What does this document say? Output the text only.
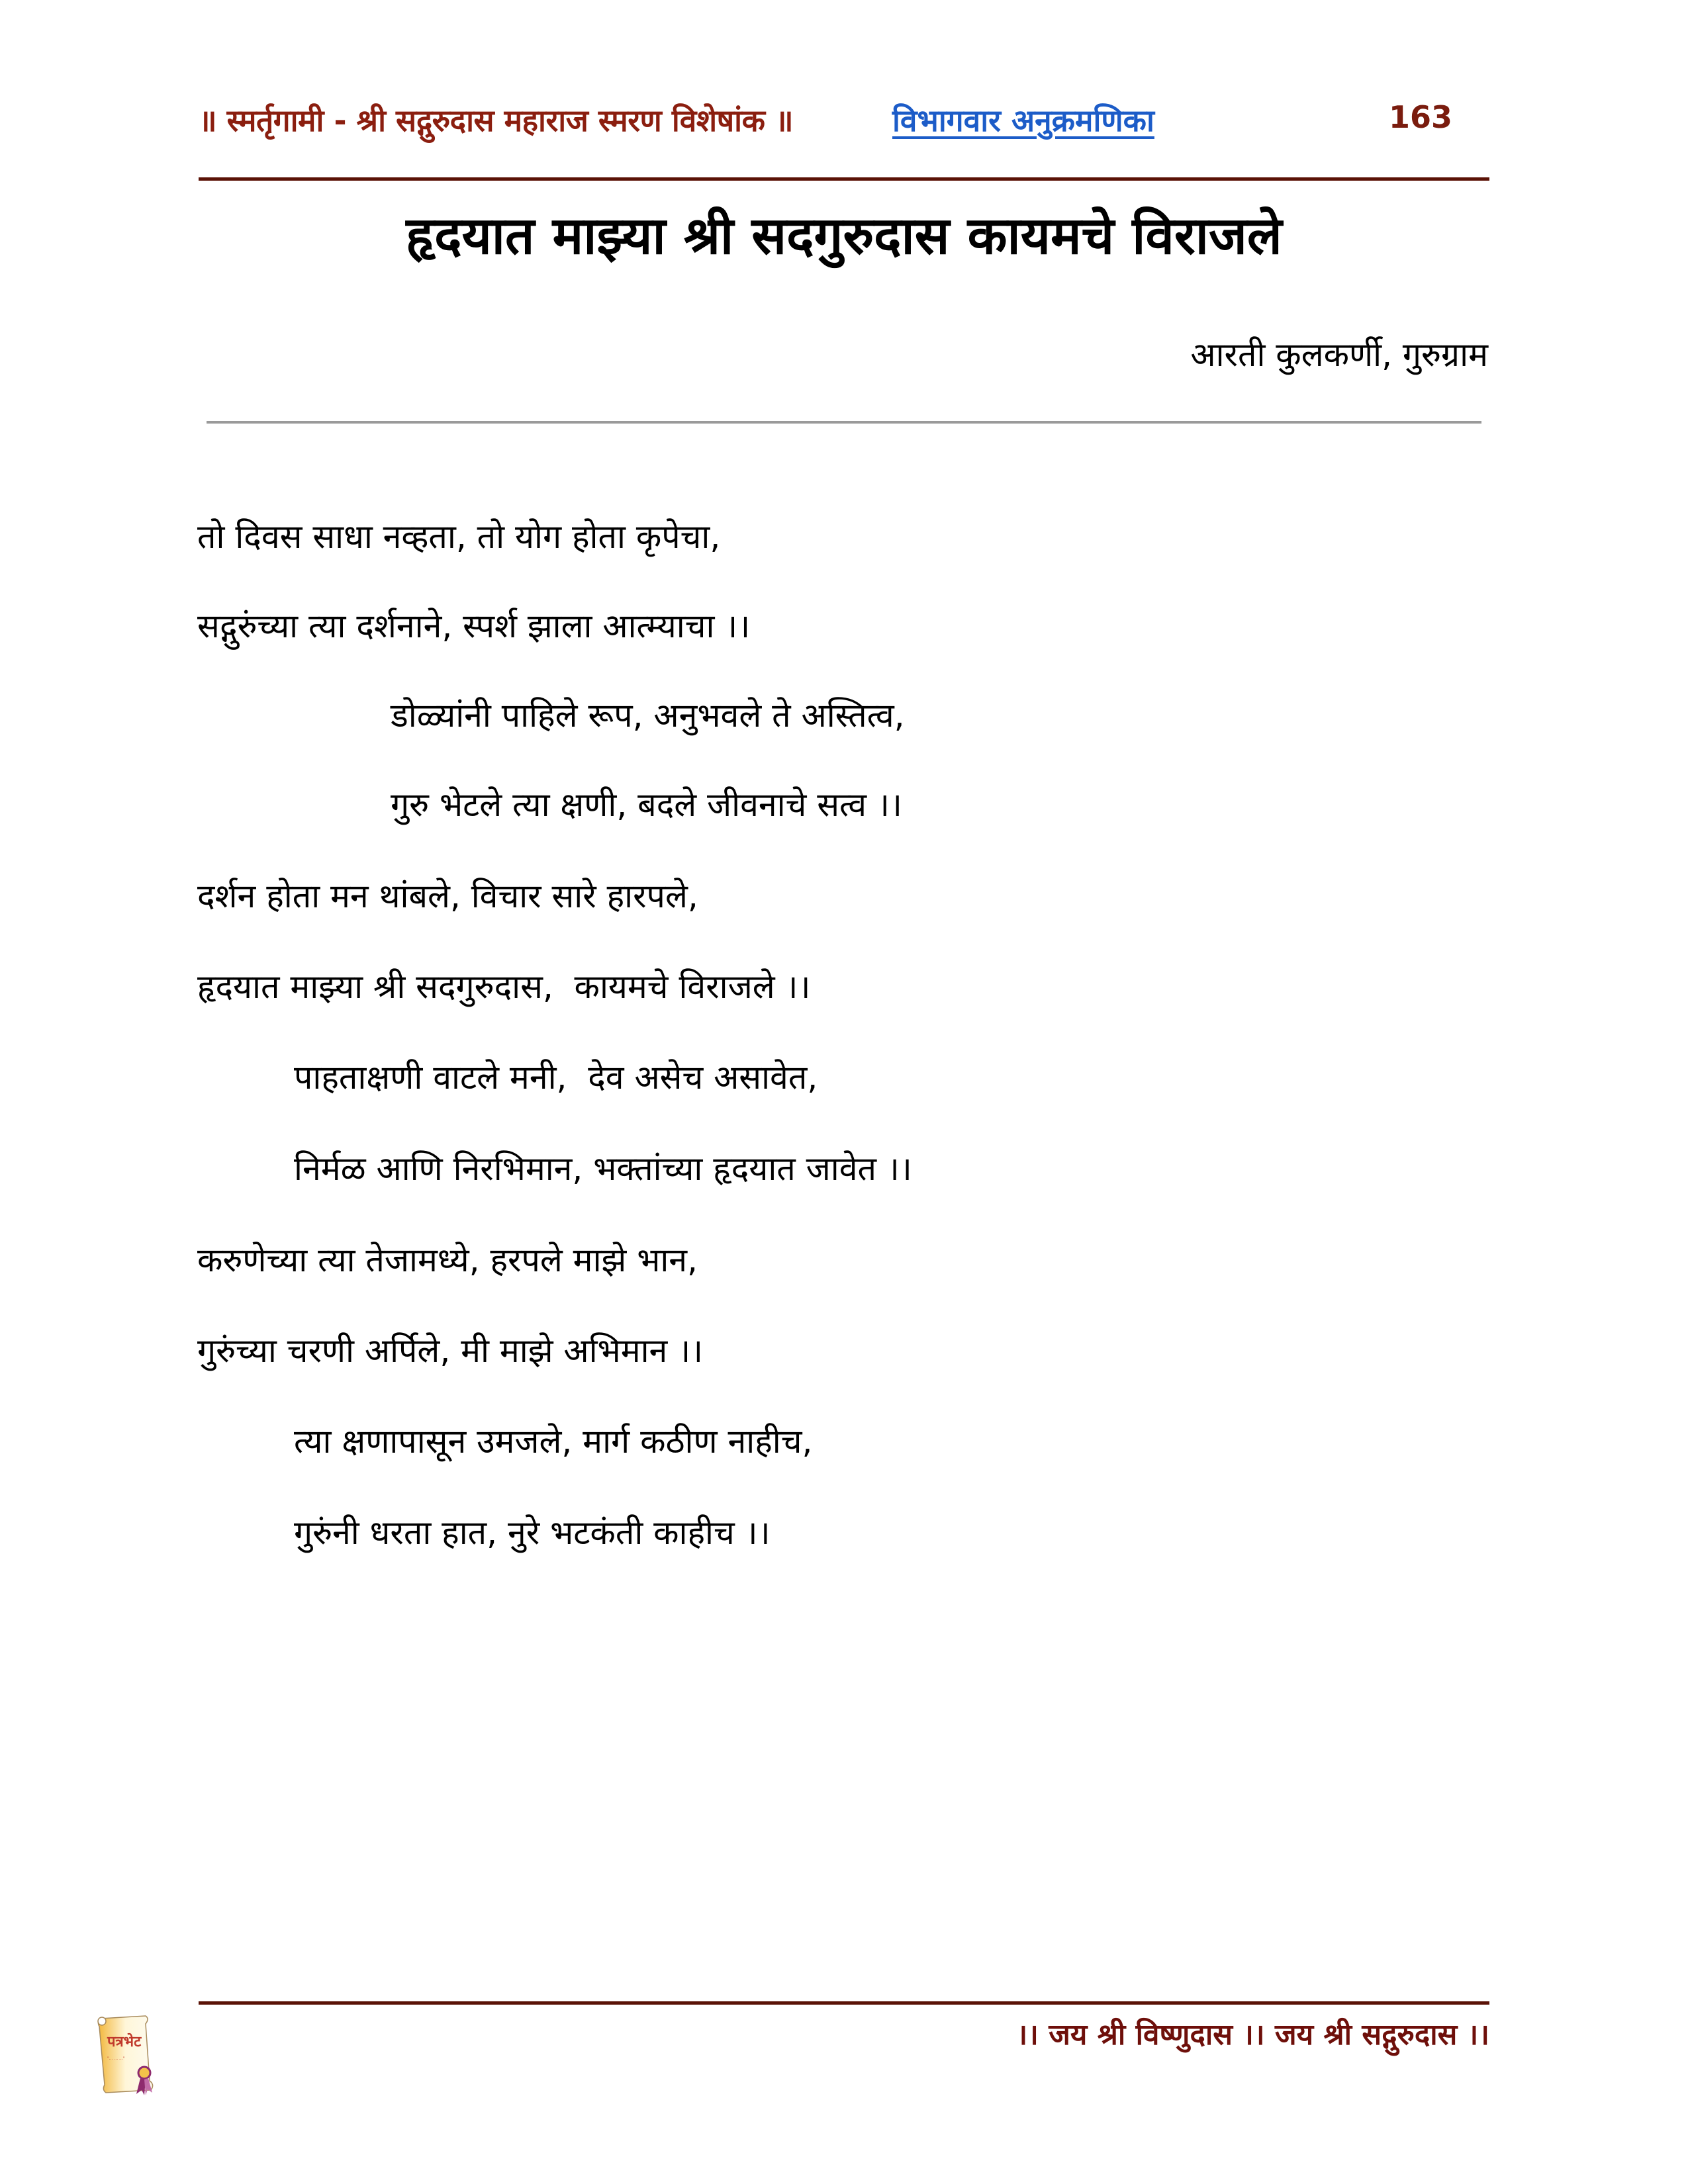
॥ स्मर्तृगामी - श्री सद्गुरुदास महाराज स्मरण विशेषांक ॥	विभागवार अनुक्रमणिका	163
हृदयात माझ्या श्री सदगुरुदास कायमचे विराजले
आरती कुलकर्णी, गुरुग्राम
तो दिवस साधा नव्हता, तो योग होता कृपेचा,
सद्गुरुंच्या त्या दर्शनाने, स्पर्श झाला आत्म्याचा ।।
डोळ्यांनी पाहिले रूप, अनुभवले ते अस्तित्व,
गुरु भेटले त्या क्षणी, बदले जीवनाचे सत्व ।।
दर्शन होता मन थांबले, विचार सारे हारपले,
हृदयात माझ्या श्री सदगुरुदास,  कायमचे विराजले ।।
पाहताक्षणी वाटले मनी,  देव असेच असावेत,
निर्मळ आणि निरभिमान, भक्तांच्या हृदयात जावेत ।।
करुणेच्या त्या तेजामध्ये, हरपले माझे भान,
गुरुंच्या चरणी अर्पिले, मी माझे अभिमान ।।
त्या क्षणापासून उमजले, मार्ग कठीण नाहीच,
गुरुंनी धरता हात, नुरे भटकंती काहीच ।।
।। जय श्री विष्णुदास ।। जय श्री सद्गुरुदास ।।
पत्रभेट
"... ... ..."
